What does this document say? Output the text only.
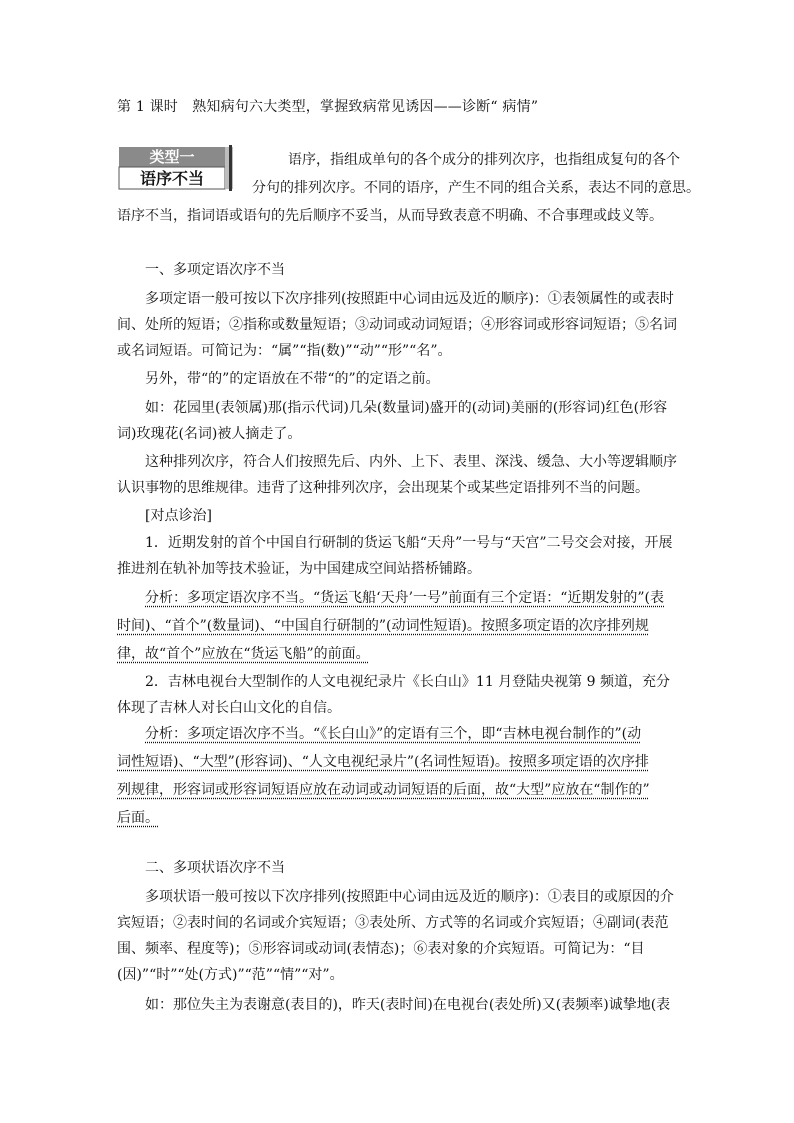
第 1 课时　熟知病句六大类型，掌握致病常见诱因——诊断“ 病情”
类型一
语序不当
语序，指组成单句的各个成分的排列次序，也指组成复句的各个
分句的排列次序。不同的语序，产生不同的组合关系，表达不同的意思。
语序不当，指词语或语句的先后顺序不妥当，从而导致表意不明确、不合事理或歧义等。
一、多项定语次序不当
多项定语一般可按以下次序排列(按照距中心词由远及近的顺序)：①表领属性的或表时间、处所的短语；②指称或数量短语；③动词或动词短语；④形容词或形容词短语；⑤名词或名词短语。可简记为：“属”“指(数)”“动”“形”“名”。
另外，带“的”的定语放在不带“的”的定语之前。
如：花园里(表领属)那(指示代词)几朵(数量词)盛开的(动词)美丽的(形容词)红色(形容词)玫瑰花(名词)被人摘走了。
这种排列次序，符合人们按照先后、内外、上下、表里、深浅、缓急、大小等逻辑顺序认识事物的思维规律。违背了这种排列次序，会出现某个或某些定语排列不当的问题。
[对点诊治]
1．近期发射的首个中国自行研制的货运飞船“天舟”一号与“天宫”二号交会对接，开展推进剂在轨补加等技术验证，为中国建成空间站搭桥铺路。
分析：多项定语次序不当。“货运飞船‘天舟’一号”前面有三个定语：“近期发射的”(表
时间)、“首个”(数量词)、“中国自行研制的”(动词性短语)。按照多项定语的次序排列规
律，故“首个”应放在“货运飞船”的前面。
2．吉林电视台大型制作的人文电视纪录片《长白山》11 月登陆央视第 9 频道，充分体现了吉林人对长白山文化的自信。
分析：多项定语次序不当。“《长白山》”的定语有三个，即“吉林电视台制作的”(动
词性短语)、“大型”(形容词)、“人文电视纪录片”(名词性短语)。按照多项定语的次序排
列规律，形容词或形容词短语应放在动词或动词短语的后面，故“大型”应放在“制作的”
后面。
二、多项状语次序不当
多项状语一般可按以下次序排列(按照距中心词由远及近的顺序)：①表目的或原因的介宾短语；②表时间的名词或介宾短语；③表处所、方式等的名词或介宾短语；④副词(表范围、频率、程度等)；⑤形容词或动词(表情态)；⑥表对象的介宾短语。可简记为：“目(因)”“时”“处(方式)”“范”“情”“对”。
如：那位失主为表谢意(表目的)，昨天(表时间)在电视台(表处所)又(表频率)诚挚地(表
